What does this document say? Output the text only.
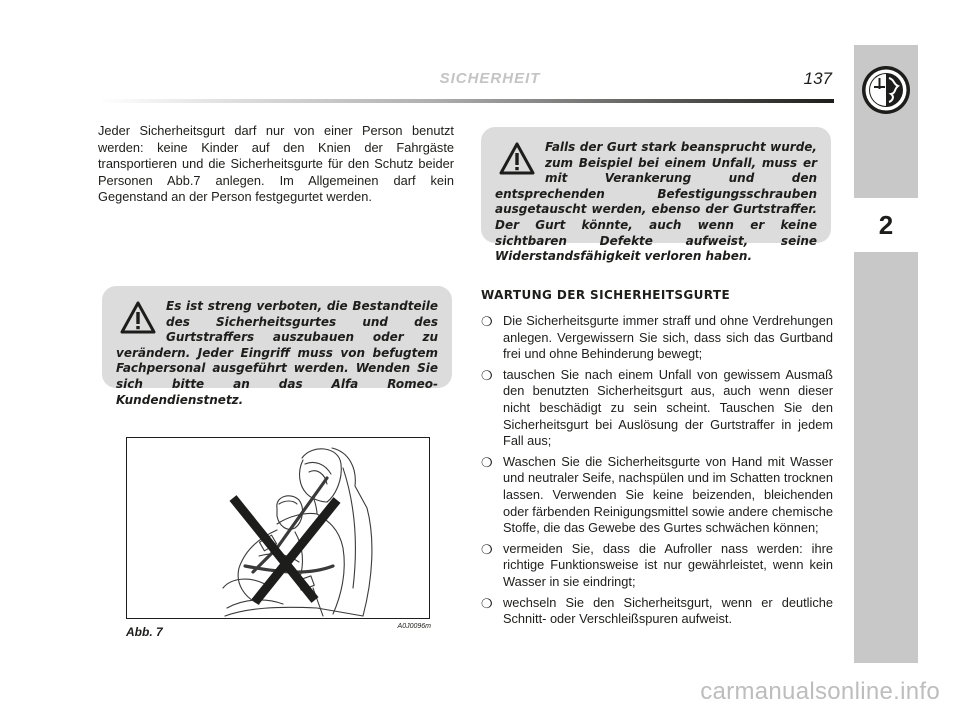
2
SICHERHEIT	137

Jeder Sicherheitsgurt darf nur von einer Person benutzt werden: keine Kinder auf den Knien der Fahrgäste transportieren und die Sicherheitsgurte für den Schutz beider Personen Abb.7 anlegen. Im Allgemeinen darf kein Gegenstand an der Person festgegurtet werden.

Falls der Gurt stark beansprucht wurde, zum Beispiel bei einem Unfall, muss er mit Verankerung und den entsprechenden Befestigungsschrauben ausgetauscht werden, ebenso der Gurtstraffer. Der Gurt könnte, auch wenn er keine sichtbaren Defekte aufweist, seine Widerstandsfähigkeit verloren haben.
Es ist streng verboten, die Bestandteile des Sicherheitsgurtes und des Gurtstraffers auszubauen oder zu verändern. Jeder Eingriff muss von befugtem Fachpersonal ausgeführt werden. Wenden Sie sich bitte an das Alfa Romeo-Kundendienstnetz.
WARTUNG DER SICHERHEITSGURTE
❍ Die Sicherheitsgurte immer straff und ohne Verdrehungen anlegen. Vergewissern Sie sich, dass sich das Gurtband frei und ohne Behinderung bewegt;
❍ tauschen Sie nach einem Unfall von gewissem Ausmaß den benutzten Sicherheitsgurt aus, auch wenn dieser nicht beschädigt zu sein scheint. Tauschen Sie den Sicherheitsgurt bei Auslösung der Gurtstraffer in jedem Fall aus;
❍ Waschen Sie die Sicherheitsgurte von Hand mit Wasser und neutraler Seife, nachspülen und im Schatten trocknen lassen. Verwenden Sie keine beizenden, bleichenden oder färbenden Reinigungsmittel sowie andere chemische Stoffe, die das Gewebe des Gurtes schwächen können;
❍ vermeiden Sie, dass die Aufroller nass werden: ihre richtige Funktionsweise ist nur gewährleistet, wenn kein Wasser in sie eindringt;
❍ wechseln Sie den Sicherheitsgurt, wenn er deutliche Schnitt- oder Verschleißspuren aufweist.
Abb. 7	A0J0096m
carmanualsonline.info
